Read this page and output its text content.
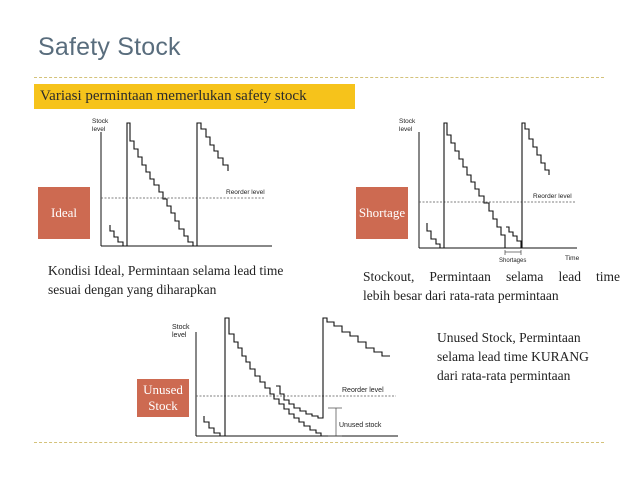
Safety Stock
Variasi permintaan memerlukan safety stock
Stock
level
Reorder level
Ideal
Stock
level
Reorder level
Time
Shortages
Shortage
Kondisi Ideal, Permintaan selama lead time
sesuai dengan yang diharapkan
Stockout, Permintaan selama lead time
lebih besar dari rata-rata permintaan
Stock
level
Reorder level
Unused stock
Unused
Stock
Unused Stock, Permintaan
selama lead time KURANG
dari rata-rata permintaan
